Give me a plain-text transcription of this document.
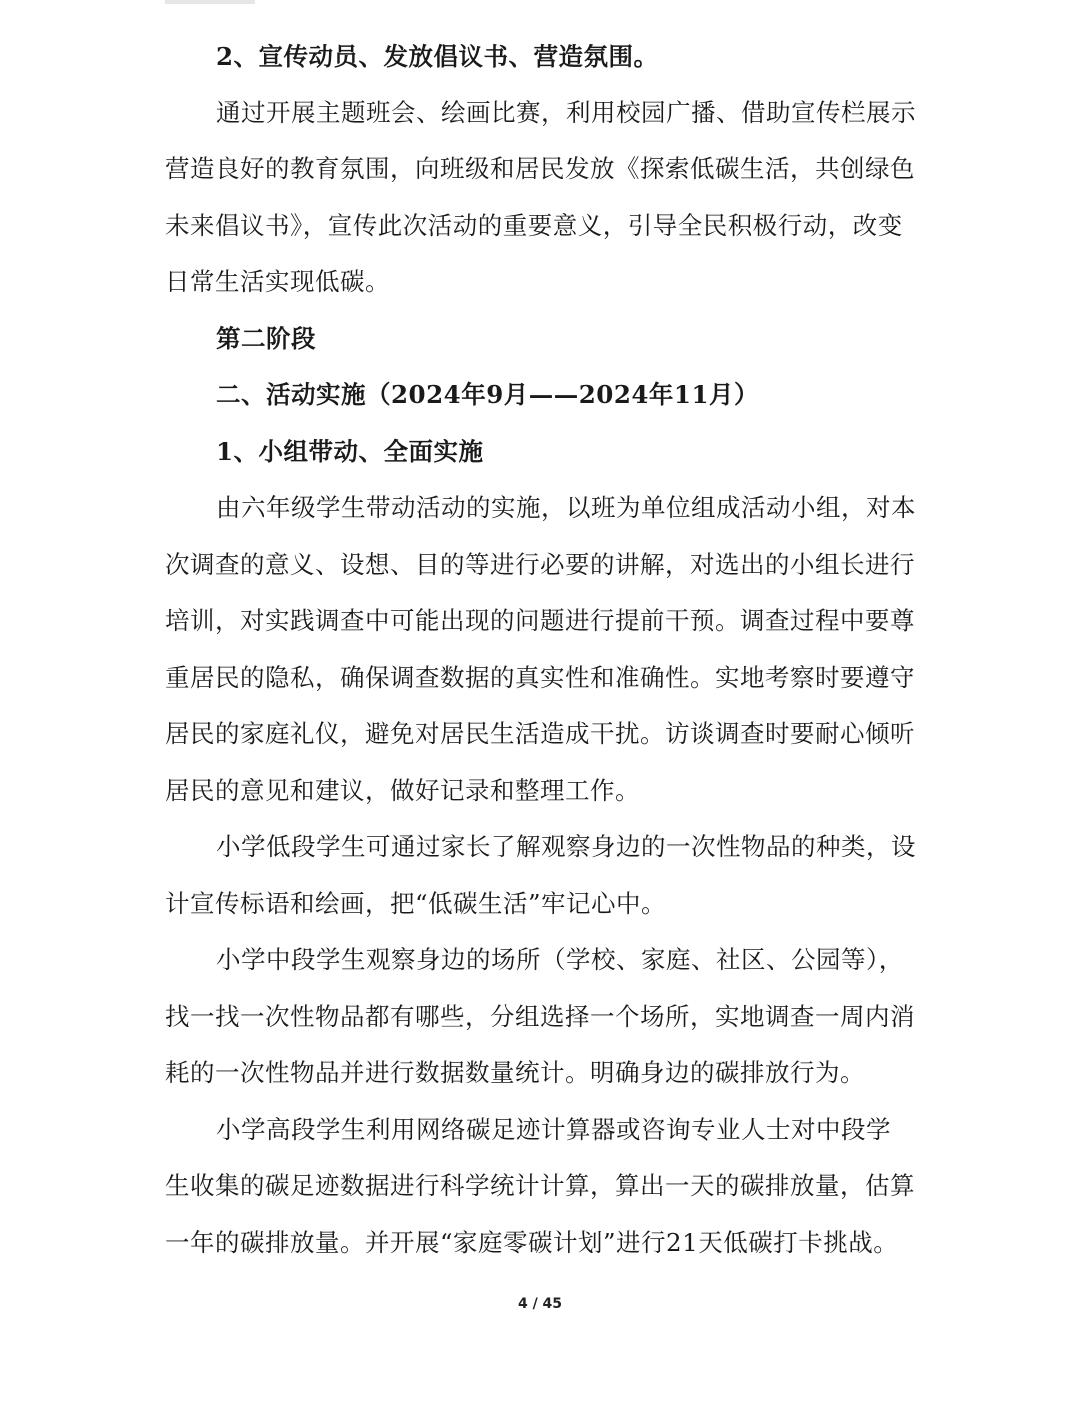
2、宣传动员、发放倡议书、营造氛围。
通过开展主题班会、绘画比赛，利用校园广播、借助宣传栏展示
营造良好的教育氛围，向班级和居民发放《探索低碳生活，共创绿色
未来倡议书》，宣传此次活动的重要意义，引导全民积极行动，改变
日常生活实现低碳。
第二阶段
二、活动实施（2024年9月——2024年11月）
1、小组带动、全面实施
由六年级学生带动活动的实施，以班为单位组成活动小组，对本
次调查的意义、设想、目的等进行必要的讲解，对选出的小组长进行
培训，对实践调查中可能出现的问题进行提前干预。调查过程中要尊
重居民的隐私，确保调查数据的真实性和准确性。实地考察时要遵守
居民的家庭礼仪，避免对居民生活造成干扰。访谈调查时要耐心倾听
居民的意见和建议，做好记录和整理工作。
小学低段学生可通过家长了解观察身边的一次性物品的种类，设
计宣传标语和绘画，把“低碳生活”牢记心中。
小学中段学生观察身边的场所（学校、家庭、社区、公园等），
找一找一次性物品都有哪些，分组选择一个场所，实地调查一周内消
耗的一次性物品并进行数据数量统计。明确身边的碳排放行为。
小学高段学生利用网络碳足迹计算器或咨询专业人士对中段学
生收集的碳足迹数据进行科学统计计算，算出一天的碳排放量，估算
一年的碳排放量。并开展“家庭零碳计划”进行21天低碳打卡挑战。
4 / 45
